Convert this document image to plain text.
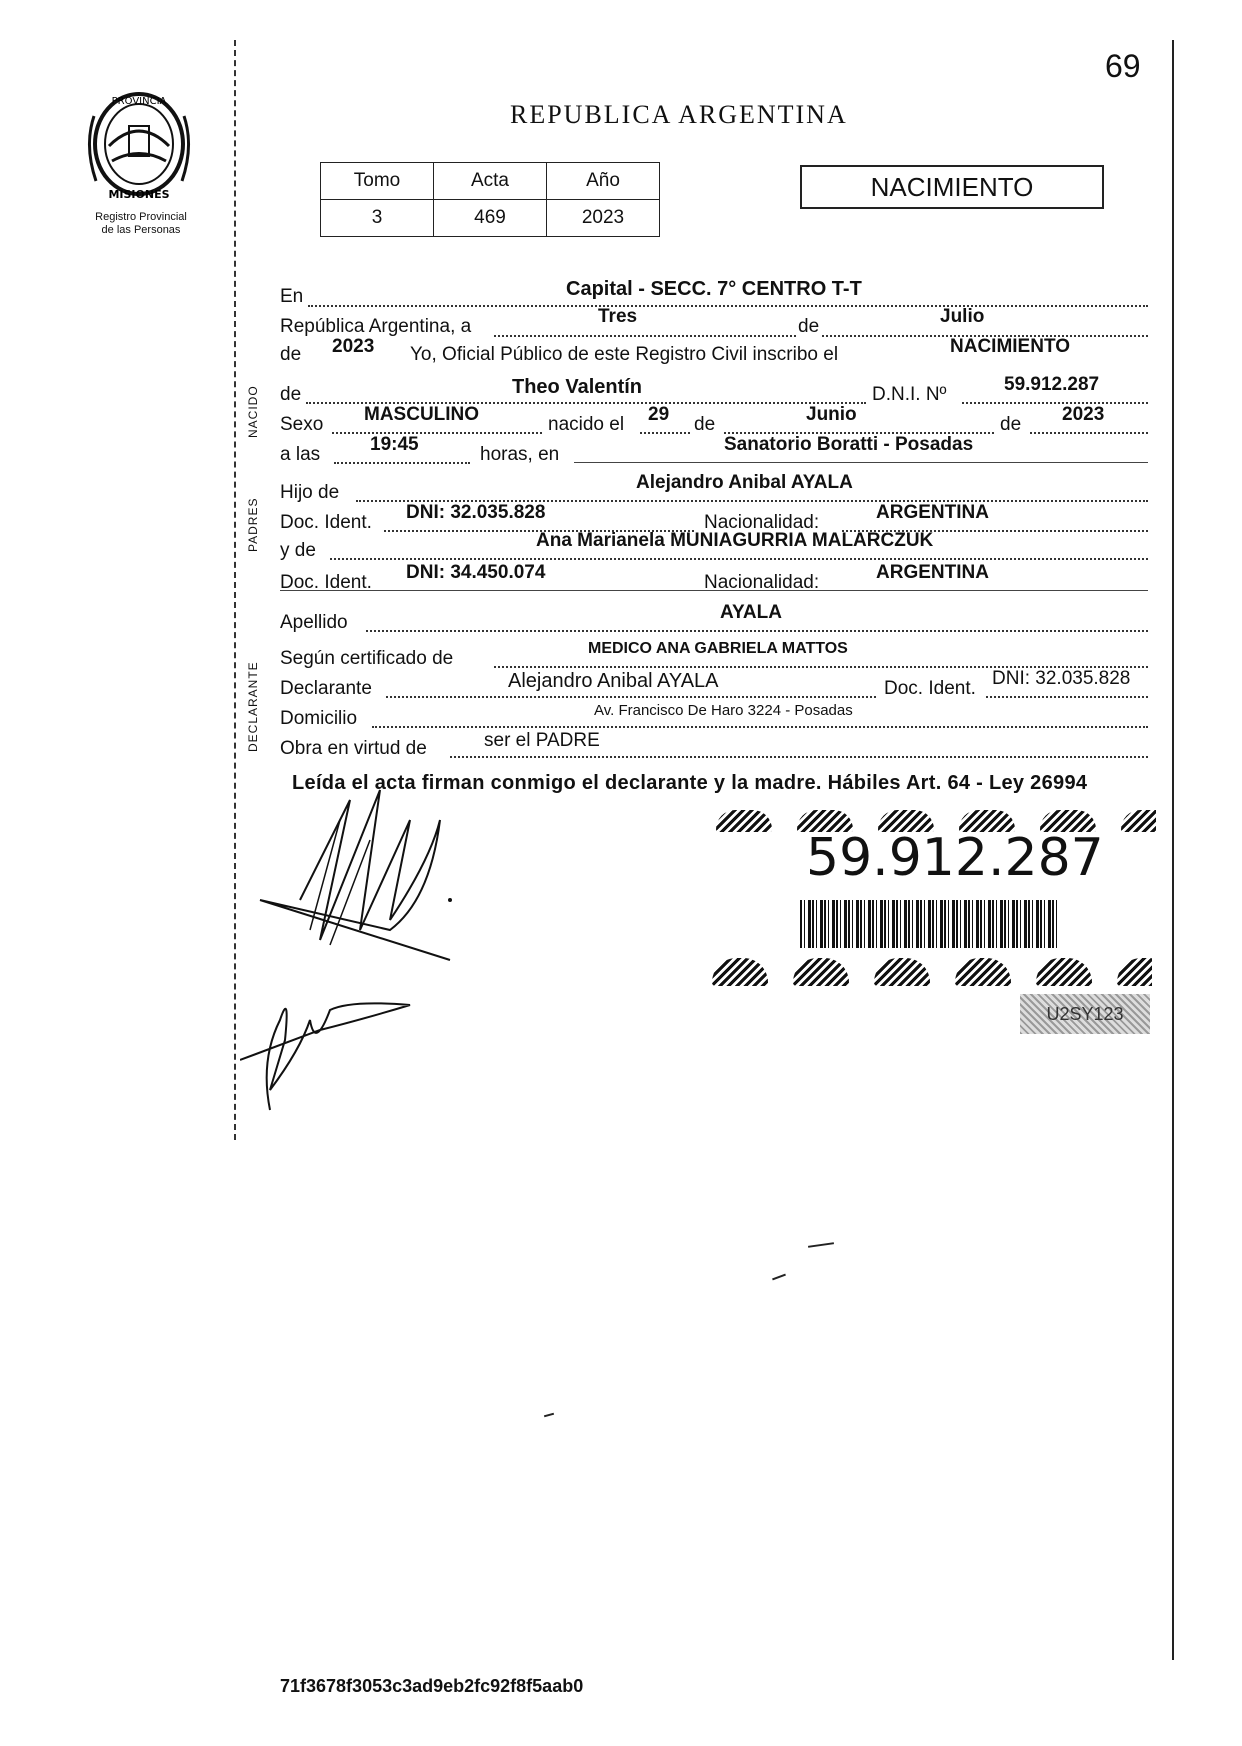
69
PROVINCIA
MISIONES
Registro Provincial
de las Personas
REPUBLICA ARGENTINA
Tomo	Acta	Año
3	469	2023
NACIMIENTO
NACIDO
PADRES
DECLARANTE
En	Capital - SECC. 7° CENTRO T-T
República Argentina, a	Tres	de	Julio
de 2023 Yo, Oficial Público de este Registro Civil inscribo el	NACIMIENTO
de	Theo Valentín	D.N.I. Nº	59.912.287
Sexo MASCULINO	nacido el 29 de	Junio	de 2023
a las	19:45	horas, en	Sanatorio Boratti - Posadas
Hijo de	Alejandro Anibal AYALA
Doc. Ident. DNI: 32.035.828	Nacionalidad:	ARGENTINA
y de	Ana Marianela MUNIAGURRIA MALARCZUK
Doc. Ident. DNI: 34.450.074	Nacionalidad:	ARGENTINA
Apellido	AYALA
Según certificado de	MEDICO ANA GABRIELA MATTOS
Declarante	Alejandro Anibal AYALA	Doc. Ident. DNI: 32.035.828
Domicilio	Av. Francisco De Haro 3224 - Posadas
Obra en virtud de	ser el PADRE
Leída el acta firman conmigo el declarante y la madre. Hábiles Art. 64 - Ley 26994
59.912.287
U2SY123
71f3678f3053c3ad9eb2fc92f8f5aab0
